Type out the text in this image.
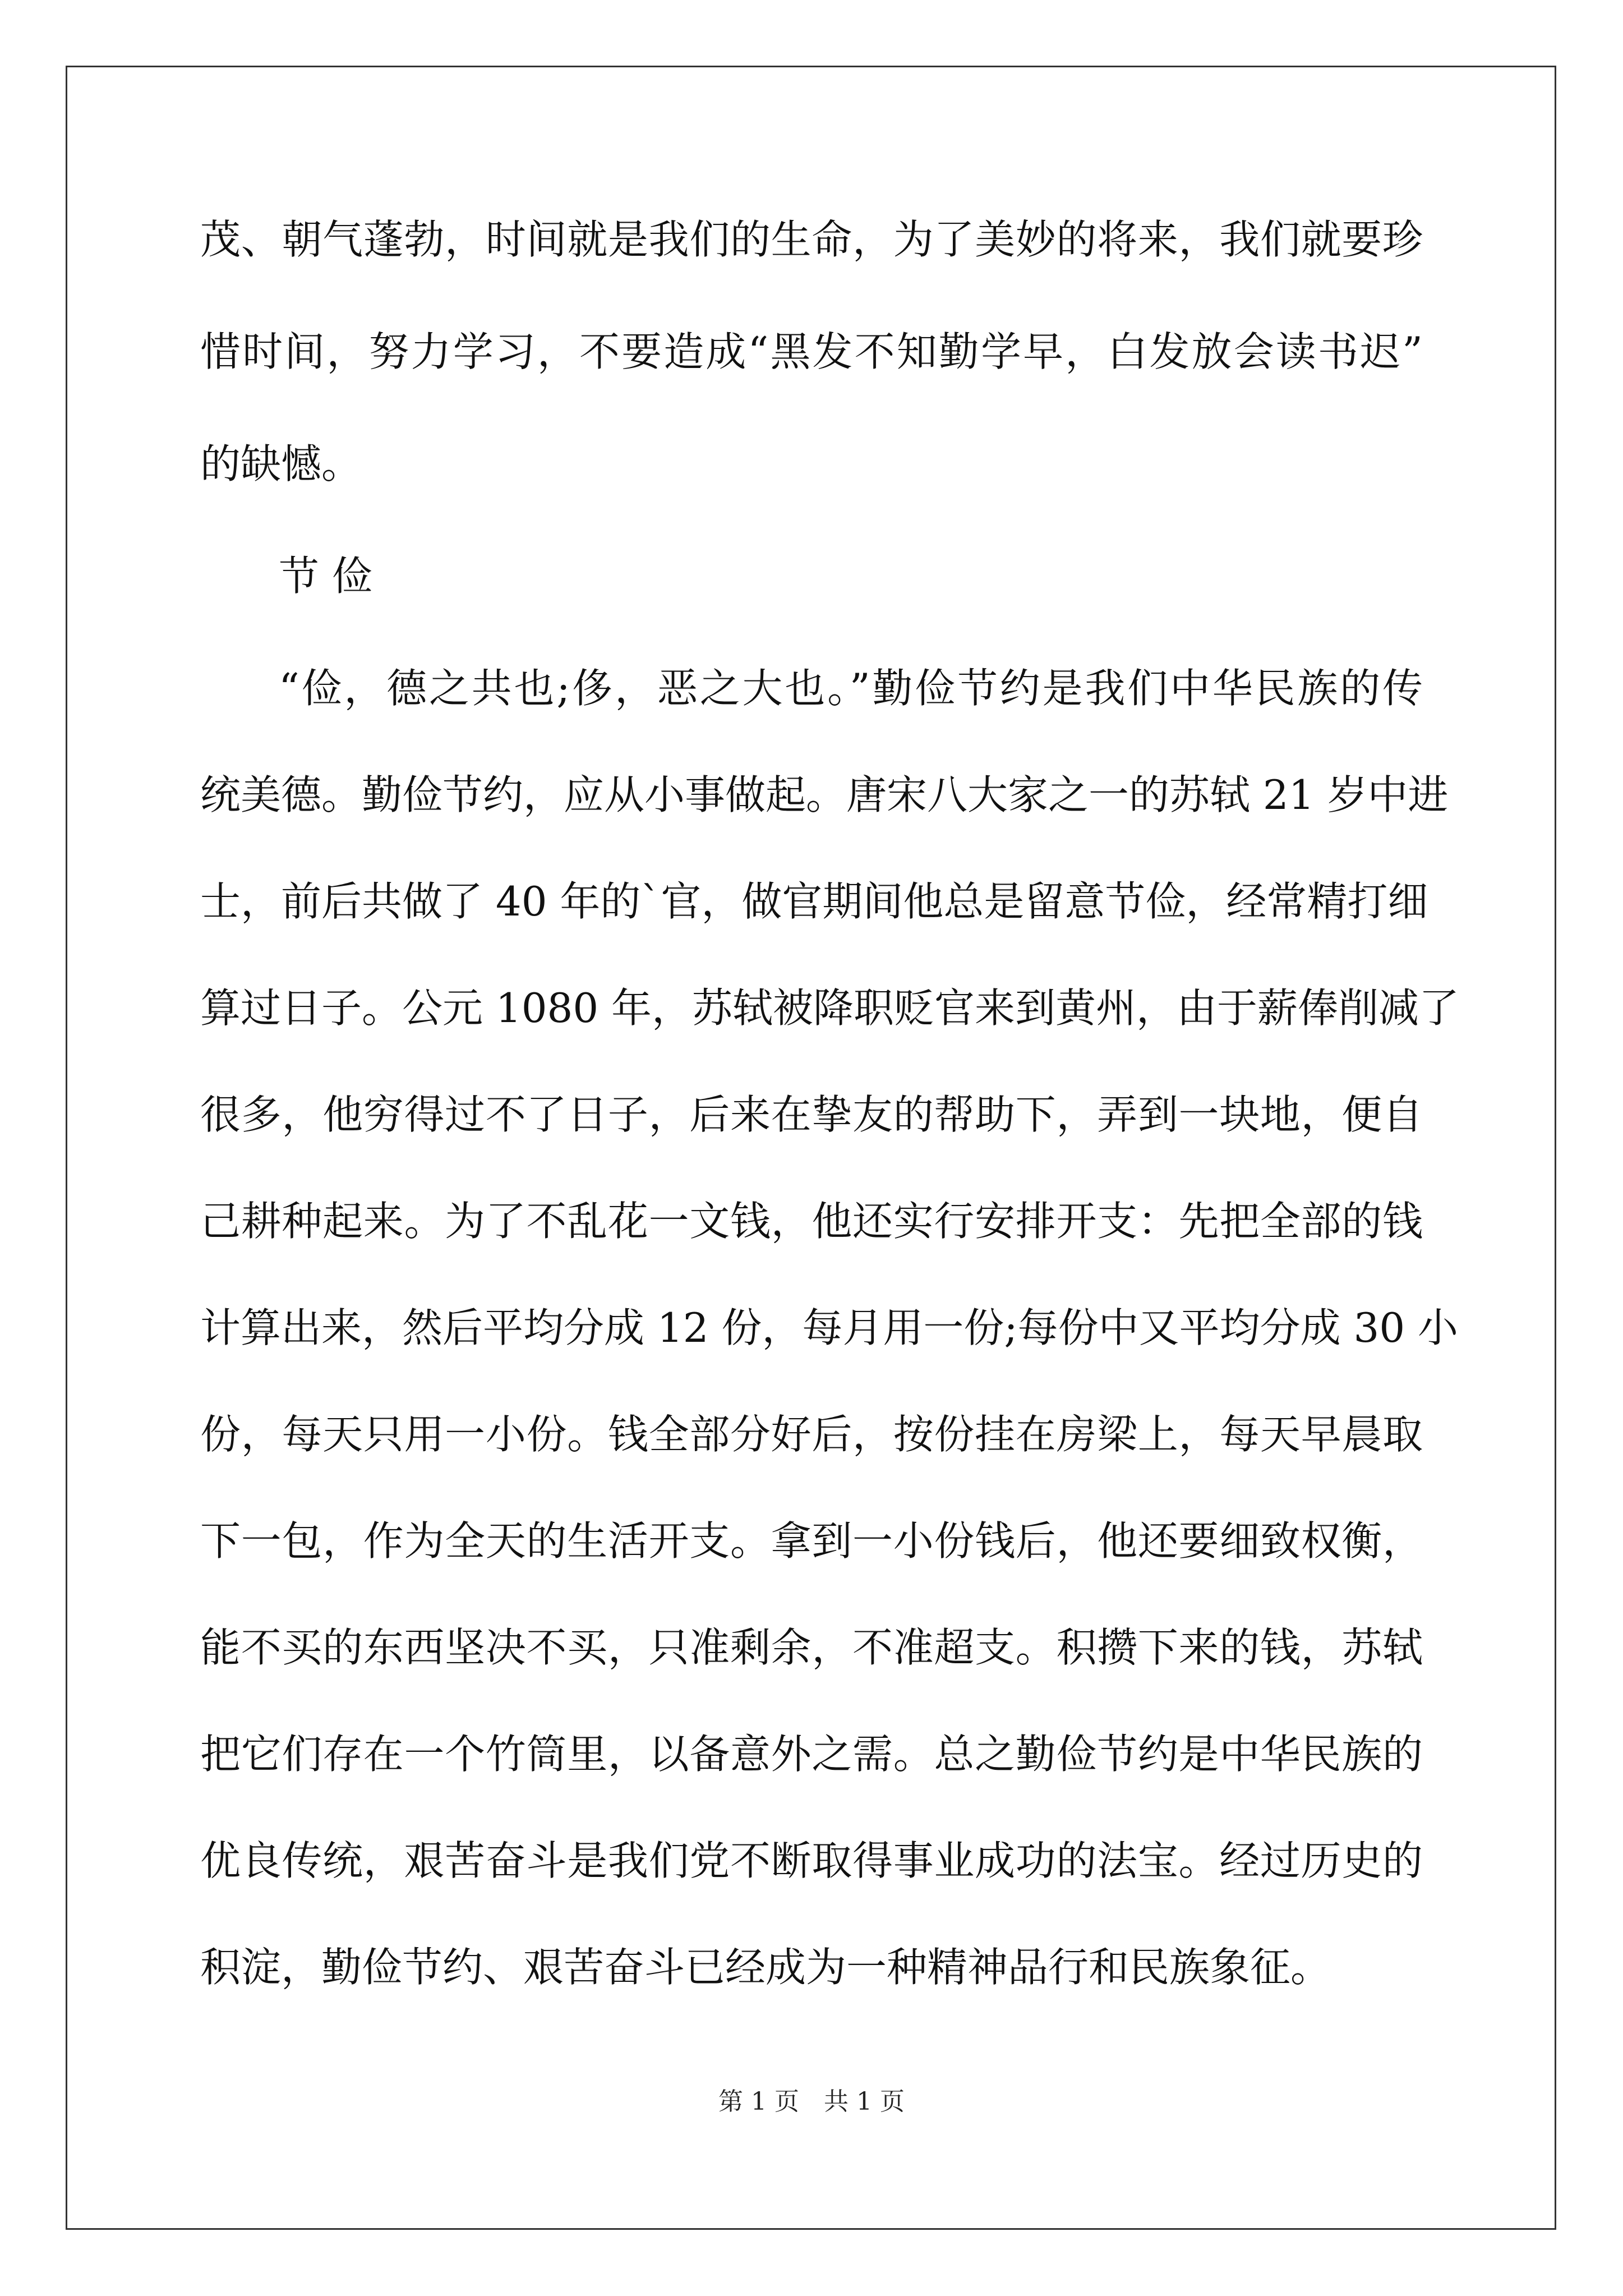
茂、朝气蓬勃，时间就是我们的生命，为了美妙的将来，我们就要珍
惜时间，努力学习，不要造成“黑发不知勤学早，白发放会读书迟”
的缺憾。
节 俭
“俭，德之共也;侈，恶之大也。”勤俭节约是我们中华民族的传
统美德。勤俭节约，应从小事做起。唐宋八大家之一的苏轼 21 岁中进
士，前后共做了 40 年的`官，做官期间他总是留意节俭，经常精打细
算过日子。公元 1080 年，苏轼被降职贬官来到黄州，由于薪俸削减了
很多，他穷得过不了日子，后来在挚友的帮助下，弄到一块地，便自
己耕种起来。为了不乱花一文钱，他还实行安排开支：先把全部的钱
计算出来，然后平均分成 12 份，每月用一份;每份中又平均分成 30 小
份，每天只用一小份。钱全部分好后，按份挂在房梁上，每天早晨取
下一包，作为全天的生活开支。拿到一小份钱后，他还要细致权衡，
能不买的东西坚决不买，只准剩余，不准超支。积攒下来的钱，苏轼
把它们存在一个竹筒里，以备意外之需。总之勤俭节约是中华民族的
优良传统，艰苦奋斗是我们党不断取得事业成功的法宝。经过历史的
积淀，勤俭节约、艰苦奋斗已经成为一种精神品行和民族象征。
第 1 页　共 1 页
